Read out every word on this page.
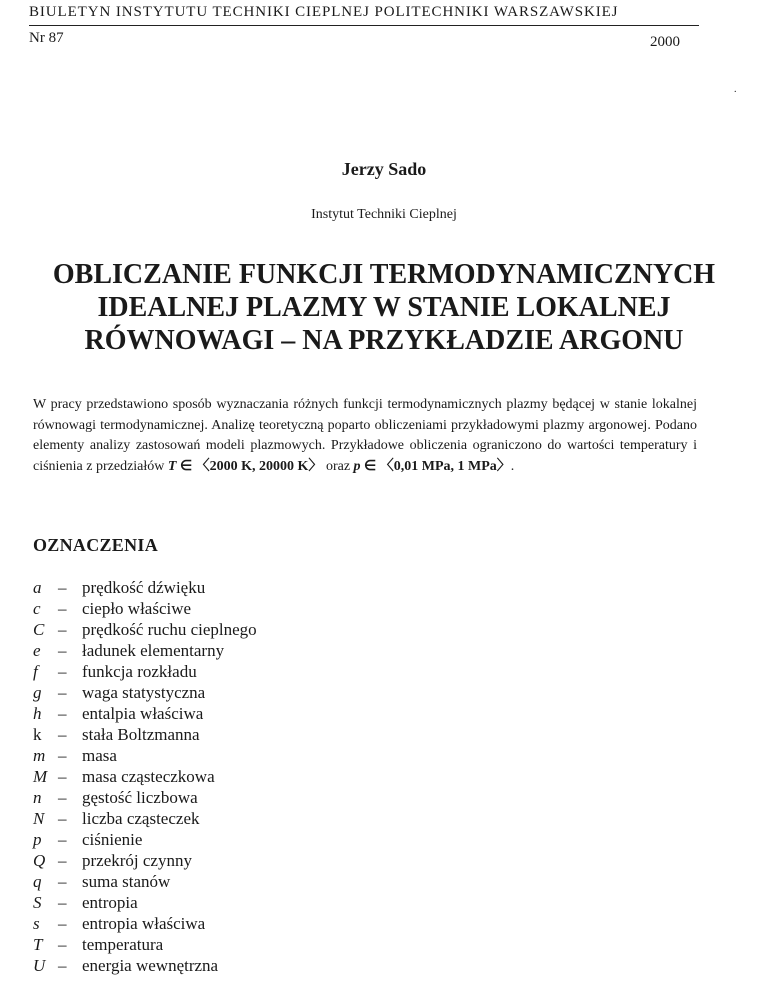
BIULETYN INSTYTUTU TECHNIKI CIEPLNEJ POLITECHNIKI WARSZAWSKIEJ
Nr 87	2000
.
Jerzy Sado
Instytut Techniki Cieplnej
OBLICZANIE FUNKCJI TERMODYNAMICZNYCH
IDEALNEJ PLAZMY W STANIE LOKALNEJ
RÓWNOWAGI – NA PRZYKŁADZIE ARGONU

W pracy przedstawiono sposób wyznaczania różnych funkcji termodynamicznych plazmy będącej w stanie lokalnej równowagi termodynamicznej. Analizę teoretyczną poparto obliczeniami przykładowymi plazmy argonowej. Podano elementy analizy zastosowań modeli plazmowych. Przykładowe obliczenia ograniczono do wartości temperatury i ciśnienia z przedziałów T ∈ 〈2000 K, 20000 K〉 oraz p ∈ 〈0,01 MPa, 1 MPa〉.

OZNACZENIA
a – prędkość dźwięku
c	– ciepło właściwe
C – prędkość ruchu cieplnego
e	– ładunek elementarny
f	– funkcja rozkładu
g – waga statystyczna
h – entalpia właściwa
k – stała Boltzmanna
m – masa
M – masa cząsteczkowa
n – gęstość liczbowa
N – liczba cząsteczek
p – ciśnienie
Q – przekrój czynny
q – suma stanów
S – entropia
s	– entropia właściwa
T – temperatura
U – energia wewnętrzna
